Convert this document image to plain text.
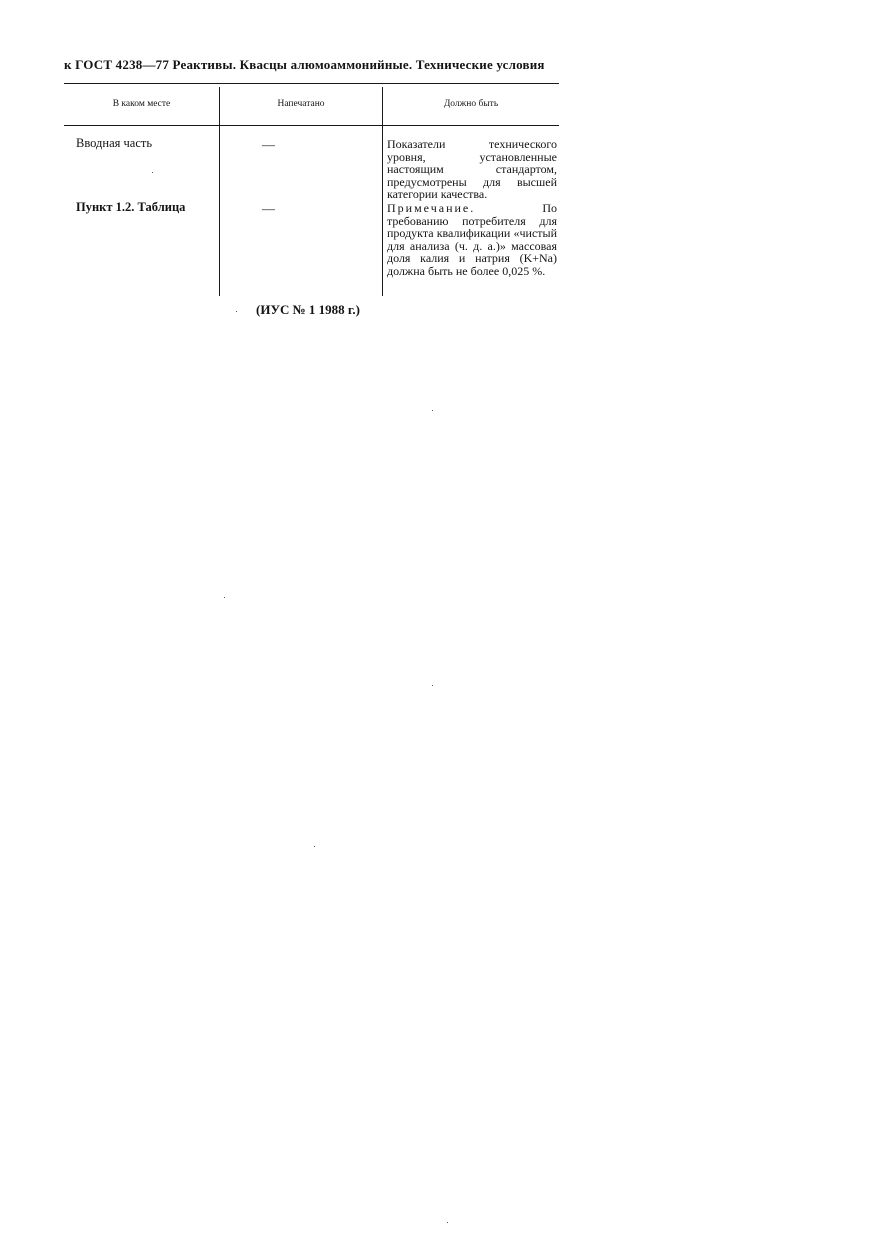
к ГОСТ 4238—77 Реактивы. Квасцы алюмоаммонийные. Технические условия
В каком месте	Напечатано	Должно быть
Вводная часть	—	Показатели технического уровня, установленные настоящим стандартом, предусмотрены для высшей категории качества.
Пункт 1.2. Таблица	—	Примечание. По требованию потребителя для продукта квалификации «чистый для анализа (ч. д. а.)» массовая доля калия и натрия (K+Na) должна быть не более 0,025 %.
(ИУС № 1 1988 г.)
